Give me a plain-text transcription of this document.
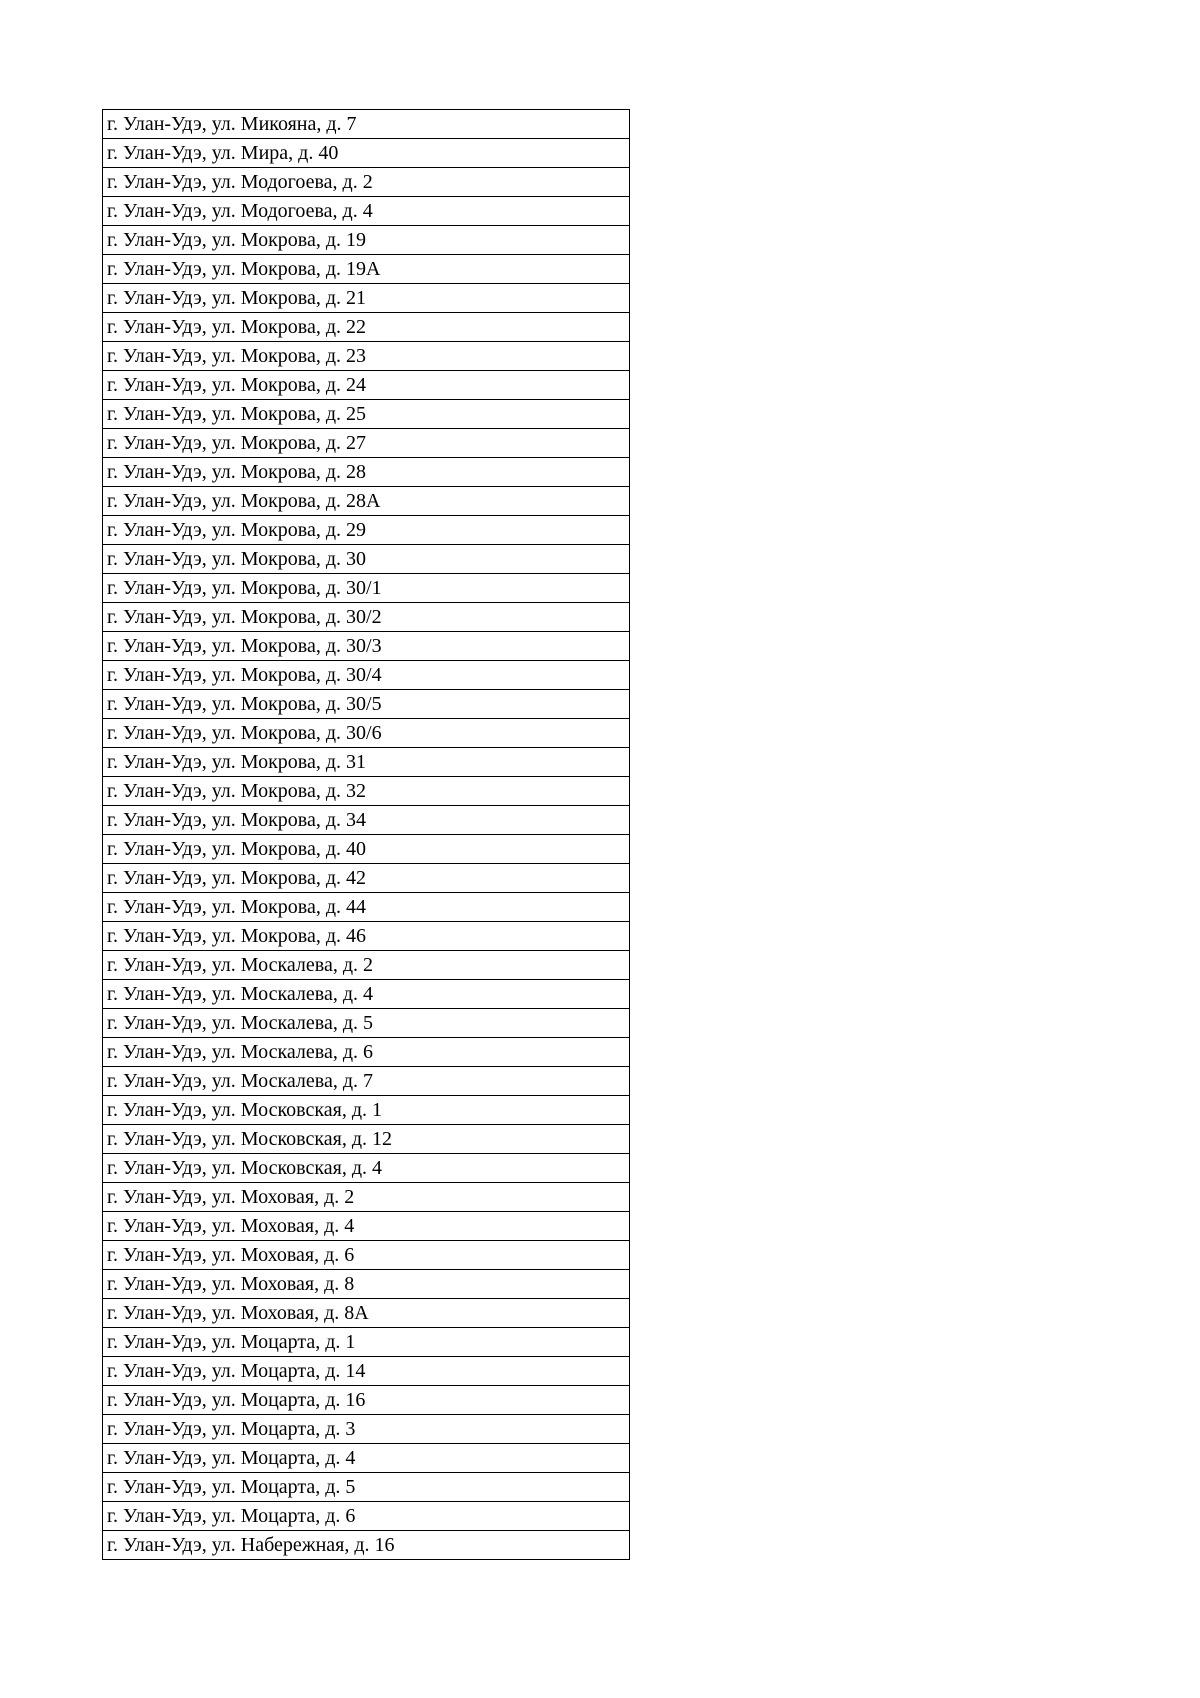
г. Улан-Удэ, ул. Микояна, д. 7
г. Улан-Удэ, ул. Мира, д. 40
г. Улан-Удэ, ул. Модогоева, д. 2
г. Улан-Удэ, ул. Модогоева, д. 4
г. Улан-Удэ, ул. Мокрова, д. 19
г. Улан-Удэ, ул. Мокрова, д. 19А
г. Улан-Удэ, ул. Мокрова, д. 21
г. Улан-Удэ, ул. Мокрова, д. 22
г. Улан-Удэ, ул. Мокрова, д. 23
г. Улан-Удэ, ул. Мокрова, д. 24
г. Улан-Удэ, ул. Мокрова, д. 25
г. Улан-Удэ, ул. Мокрова, д. 27
г. Улан-Удэ, ул. Мокрова, д. 28
г. Улан-Удэ, ул. Мокрова, д. 28А
г. Улан-Удэ, ул. Мокрова, д. 29
г. Улан-Удэ, ул. Мокрова, д. 30
г. Улан-Удэ, ул. Мокрова, д. 30/1
г. Улан-Удэ, ул. Мокрова, д. 30/2
г. Улан-Удэ, ул. Мокрова, д. 30/3
г. Улан-Удэ, ул. Мокрова, д. 30/4
г. Улан-Удэ, ул. Мокрова, д. 30/5
г. Улан-Удэ, ул. Мокрова, д. 30/6
г. Улан-Удэ, ул. Мокрова, д. 31
г. Улан-Удэ, ул. Мокрова, д. 32
г. Улан-Удэ, ул. Мокрова, д. 34
г. Улан-Удэ, ул. Мокрова, д. 40
г. Улан-Удэ, ул. Мокрова, д. 42
г. Улан-Удэ, ул. Мокрова, д. 44
г. Улан-Удэ, ул. Мокрова, д. 46
г. Улан-Удэ, ул. Москалева, д. 2
г. Улан-Удэ, ул. Москалева, д. 4
г. Улан-Удэ, ул. Москалева, д. 5
г. Улан-Удэ, ул. Москалева, д. 6
г. Улан-Удэ, ул. Москалева, д. 7
г. Улан-Удэ, ул. Московская, д. 1
г. Улан-Удэ, ул. Московская, д. 12
г. Улан-Удэ, ул. Московская, д. 4
г. Улан-Удэ, ул. Моховая, д. 2
г. Улан-Удэ, ул. Моховая, д. 4
г. Улан-Удэ, ул. Моховая, д. 6
г. Улан-Удэ, ул. Моховая, д. 8
г. Улан-Удэ, ул. Моховая, д. 8А
г. Улан-Удэ, ул. Моцарта, д. 1
г. Улан-Удэ, ул. Моцарта, д. 14
г. Улан-Удэ, ул. Моцарта, д. 16
г. Улан-Удэ, ул. Моцарта, д. 3
г. Улан-Удэ, ул. Моцарта, д. 4
г. Улан-Удэ, ул. Моцарта, д. 5
г. Улан-Удэ, ул. Моцарта, д. 6
г. Улан-Удэ, ул. Набережная, д. 16
